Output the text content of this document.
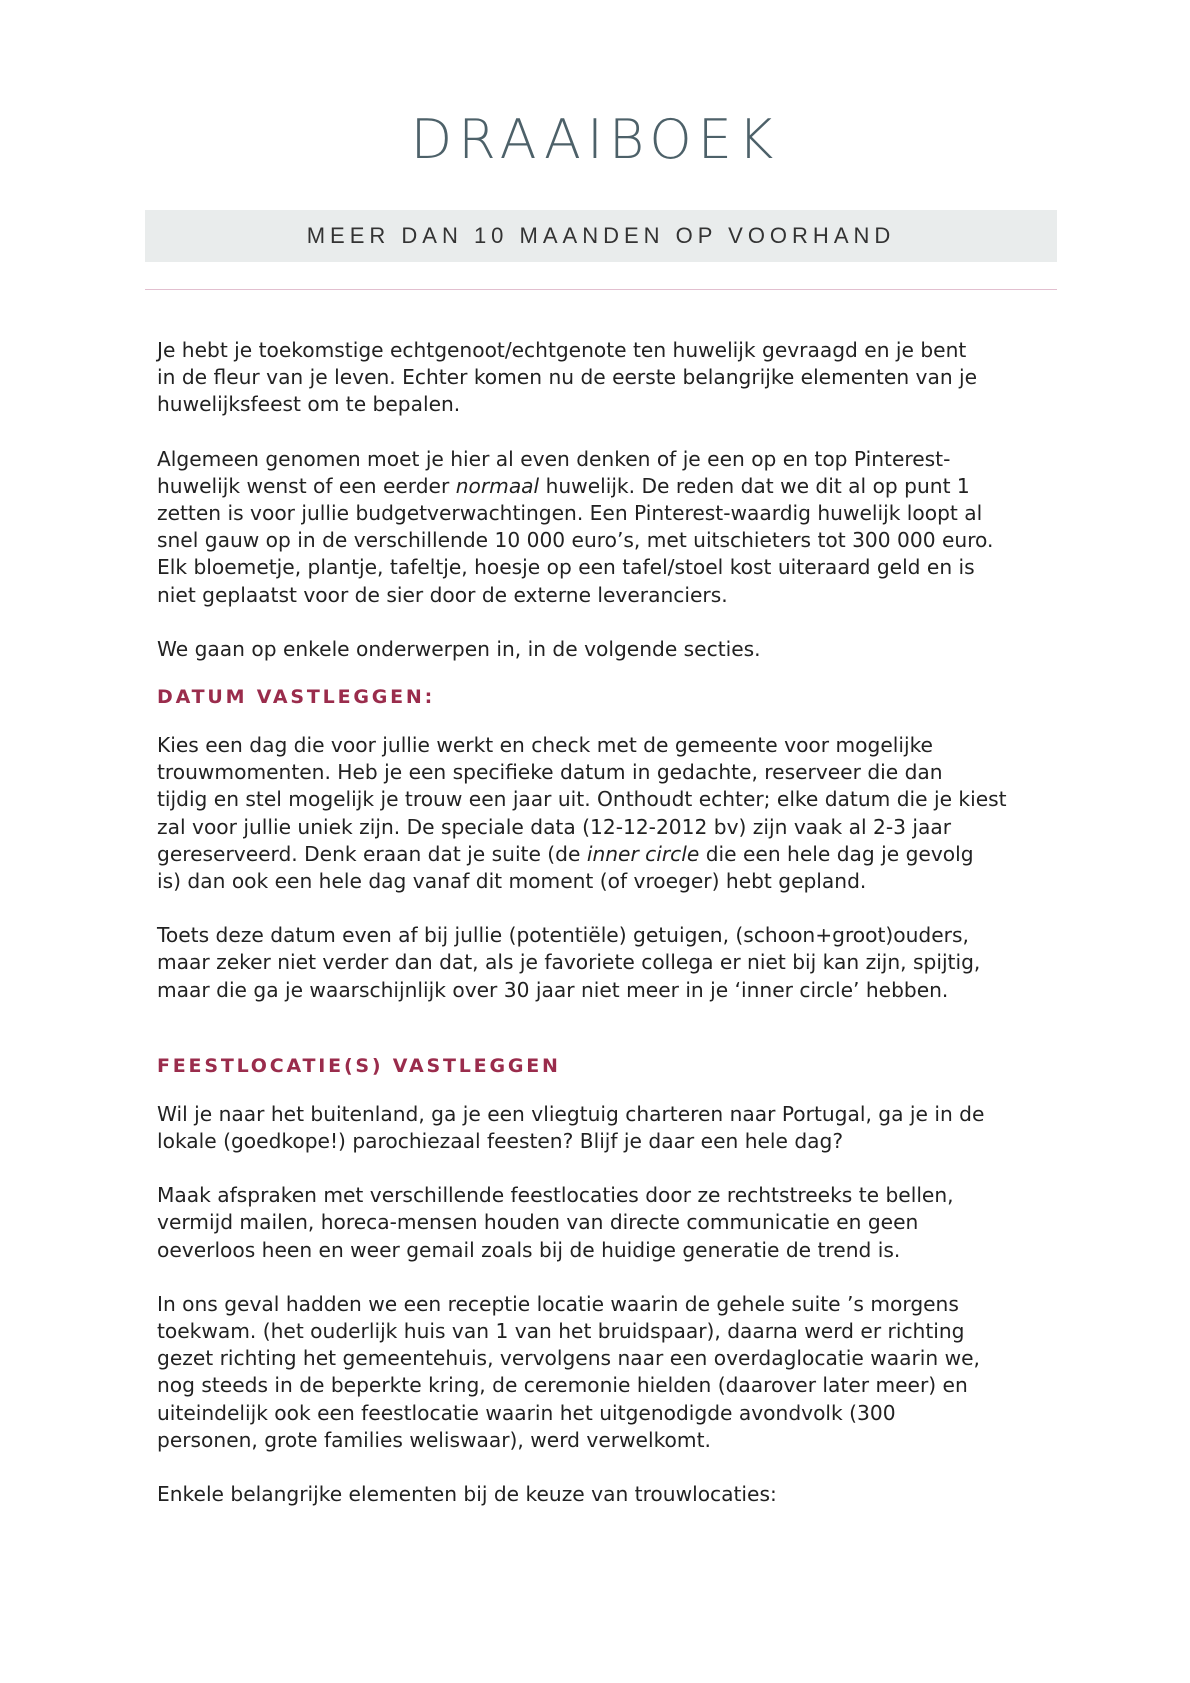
DRAAIBOEK
MEER DAN 10 MAANDEN OP VOORHAND

Je hebt je toekomstige echtgenoot/echtgenote ten huwelijk gevraagd en je bent
in de fleur van je leven. Echter komen nu de eerste belangrijke elementen van je
huwelijksfeest om te bepalen.

Algemeen genomen moet je hier al even denken of je een op en top Pinterest-
huwelijk wenst of een eerder normaal huwelijk. De reden dat we dit al op punt 1
zetten is voor jullie budgetverwachtingen. Een Pinterest-waardig huwelijk loopt al
snel gauw op in de verschillende 10 000 euro’s, met uitschieters tot 300 000 euro.
Elk bloemetje, plantje, tafeltje, hoesje op een tafel/stoel kost uiteraard geld en is
niet geplaatst voor de sier door de externe leveranciers.

We gaan op enkele onderwerpen in, in de volgende secties.

DATUM VASTLEGGEN:

Kies een dag die voor jullie werkt en check met de gemeente voor mogelijke
trouwmomenten. Heb je een specifieke datum in gedachte, reserveer die dan
tijdig en stel mogelijk je trouw een jaar uit. Onthoudt echter; elke datum die je kiest
zal voor jullie uniek zijn. De speciale data (12-12-2012 bv) zijn vaak al 2-3 jaar
gereserveerd. Denk eraan dat je suite (de inner circle die een hele dag je gevolg
is) dan ook een hele dag vanaf dit moment (of vroeger) hebt gepland.

Toets deze datum even af bij jullie (potentiële) getuigen, (schoon+groot)ouders,
maar zeker niet verder dan dat, als je favoriete collega er niet bij kan zijn, spijtig,
maar die ga je waarschijnlijk over 30 jaar niet meer in je ‘inner circle’ hebben.

FEESTLOCATIE(S) VASTLEGGEN

Wil je naar het buitenland, ga je een vliegtuig charteren naar Portugal, ga je in de
lokale (goedkope!) parochiezaal feesten? Blijf je daar een hele dag?

Maak afspraken met verschillende feestlocaties door ze rechtstreeks te bellen,
vermijd mailen, horeca-mensen houden van directe communicatie en geen
oeverloos heen en weer gemail zoals bij de huidige generatie de trend is.

In ons geval hadden we een receptie locatie waarin de gehele suite ’s morgens
toekwam. (het ouderlijk huis van 1 van het bruidspaar), daarna werd er richting
gezet richting het gemeentehuis, vervolgens naar een overdaglocatie waarin we,
nog steeds in de beperkte kring, de ceremonie hielden (daarover later meer) en
uiteindelijk ook een feestlocatie waarin het uitgenodigde avondvolk (300
personen, grote families weliswaar), werd verwelkomt.

Enkele belangrijke elementen bij de keuze van trouwlocaties:
